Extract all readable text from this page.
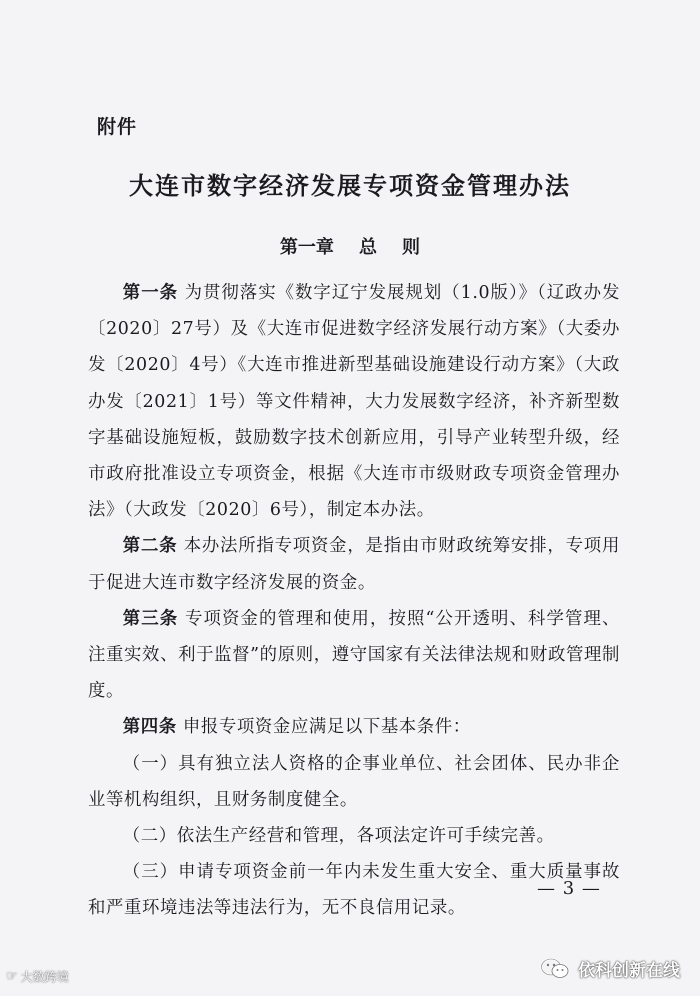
附件
大连市数字经济发展专项资金管理办法
第一章    总    则

第一条 为贯彻落实《数字辽宁发展规划（1.0版）》（辽政办发〔2020〕27号）及《大连市促进数字经济发展行动方案》（大委办发〔2020〕4号）《大连市推进新型基础设施建设行动方案》（大政办发〔2021〕1号）等文件精神，大力发展数字经济，补齐新型数字基础设施短板，鼓励数字技术创新应用，引导产业转型升级，经市政府批准设立专项资金，根据《大连市市级财政专项资金管理办法》（大政发〔2020〕6号），制定本办法。

第二条 本办法所指专项资金，是指由市财政统筹安排，专项用于促进大连市数字经济发展的资金。

第三条 专项资金的管理和使用，按照“公开透明、科学管理、注重实效、利于监督”的原则，遵守国家有关法律法规和财政管理制度。

第四条 申报专项资金应满足以下基本条件：

（一）具有独立法人资格的企事业单位、社会团体、民办非企业等机构组织，且财务制度健全。

（二）依法生产经营和管理，各项法定许可手续完善。

（三）申请专项资金前一年内未发生重大安全、重大质量事故和严重环境违法等违法行为，无不良信用记录。

— 3 —
☞ 大数跨境	依科创新在线
